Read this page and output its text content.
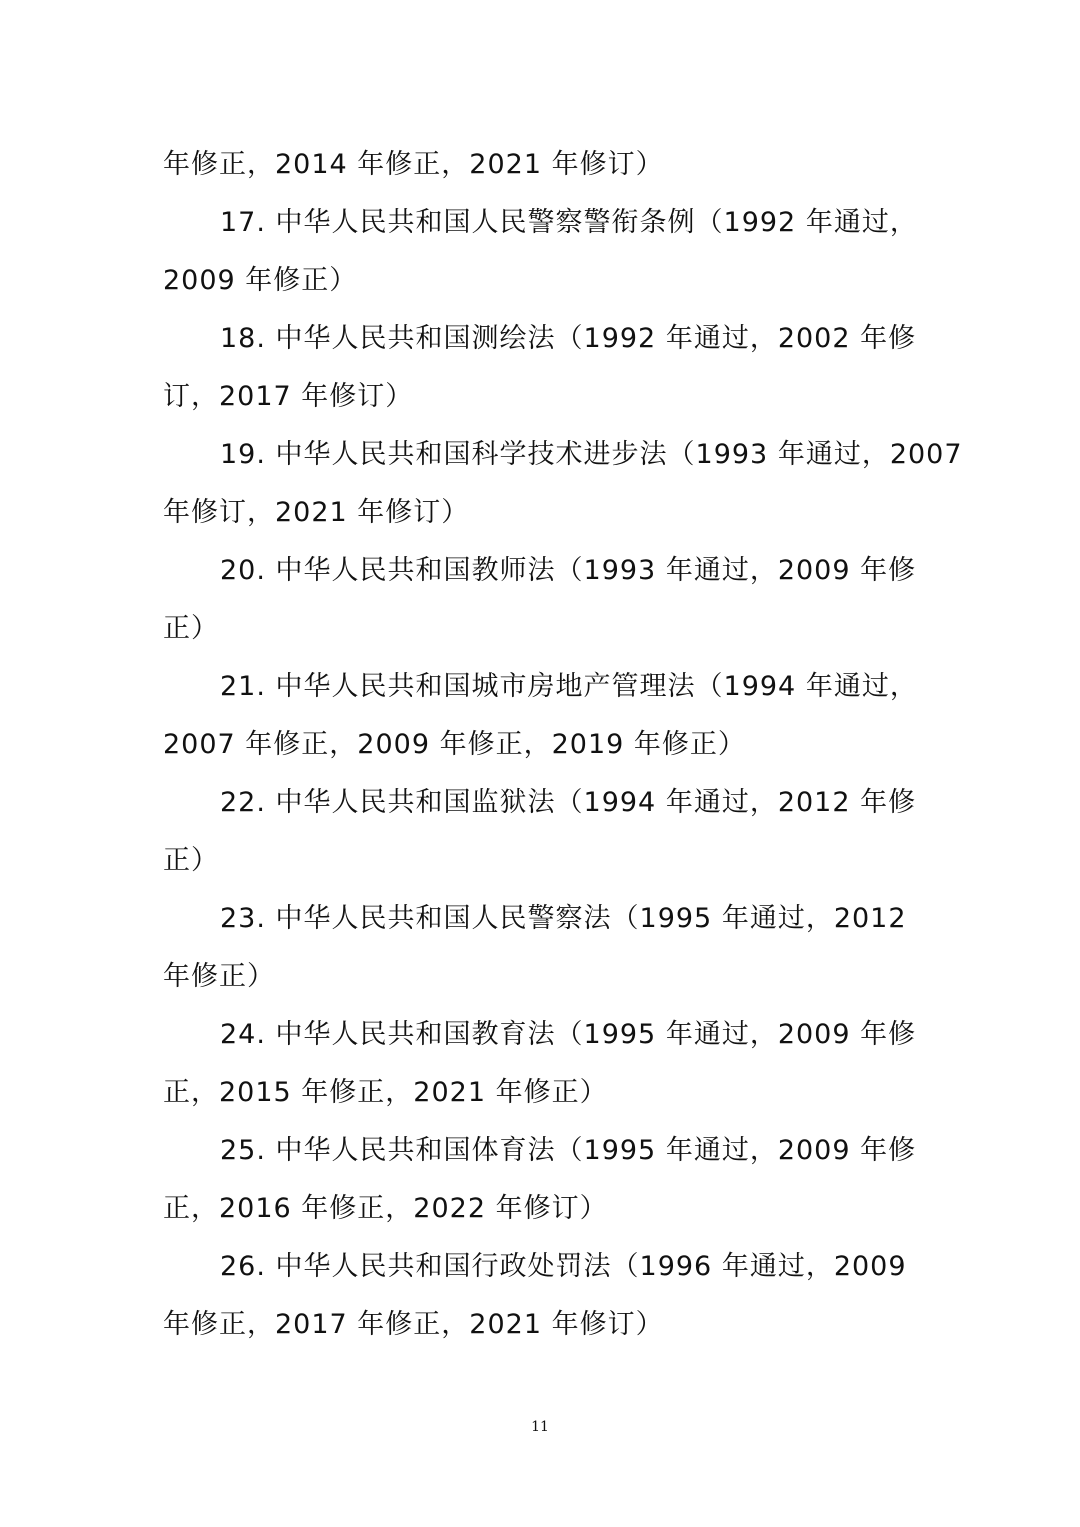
年修正，2014 年修正，2021 年修订）
17. 中华人民共和国人民警察警衔条例（1992 年通过，
2009 年修正）
18. 中华人民共和国测绘法（1992 年通过，2002 年修
订，2017 年修订）
19. 中华人民共和国科学技术进步法（1993 年通过，2007
年修订，2021 年修订）
20. 中华人民共和国教师法（1993 年通过，2009 年修
正）
21. 中华人民共和国城市房地产管理法（1994 年通过，
2007 年修正，2009 年修正，2019 年修正）
22. 中华人民共和国监狱法（1994 年通过，2012 年修
正）
23. 中华人民共和国人民警察法（1995 年通过，2012
年修正）
24. 中华人民共和国教育法（1995 年通过，2009 年修
正，2015 年修正，2021 年修正）
25. 中华人民共和国体育法（1995 年通过，2009 年修
正，2016 年修正，2022 年修订）
26. 中华人民共和国行政处罚法（1996 年通过，2009
年修正，2017 年修正，2021 年修订）
11
